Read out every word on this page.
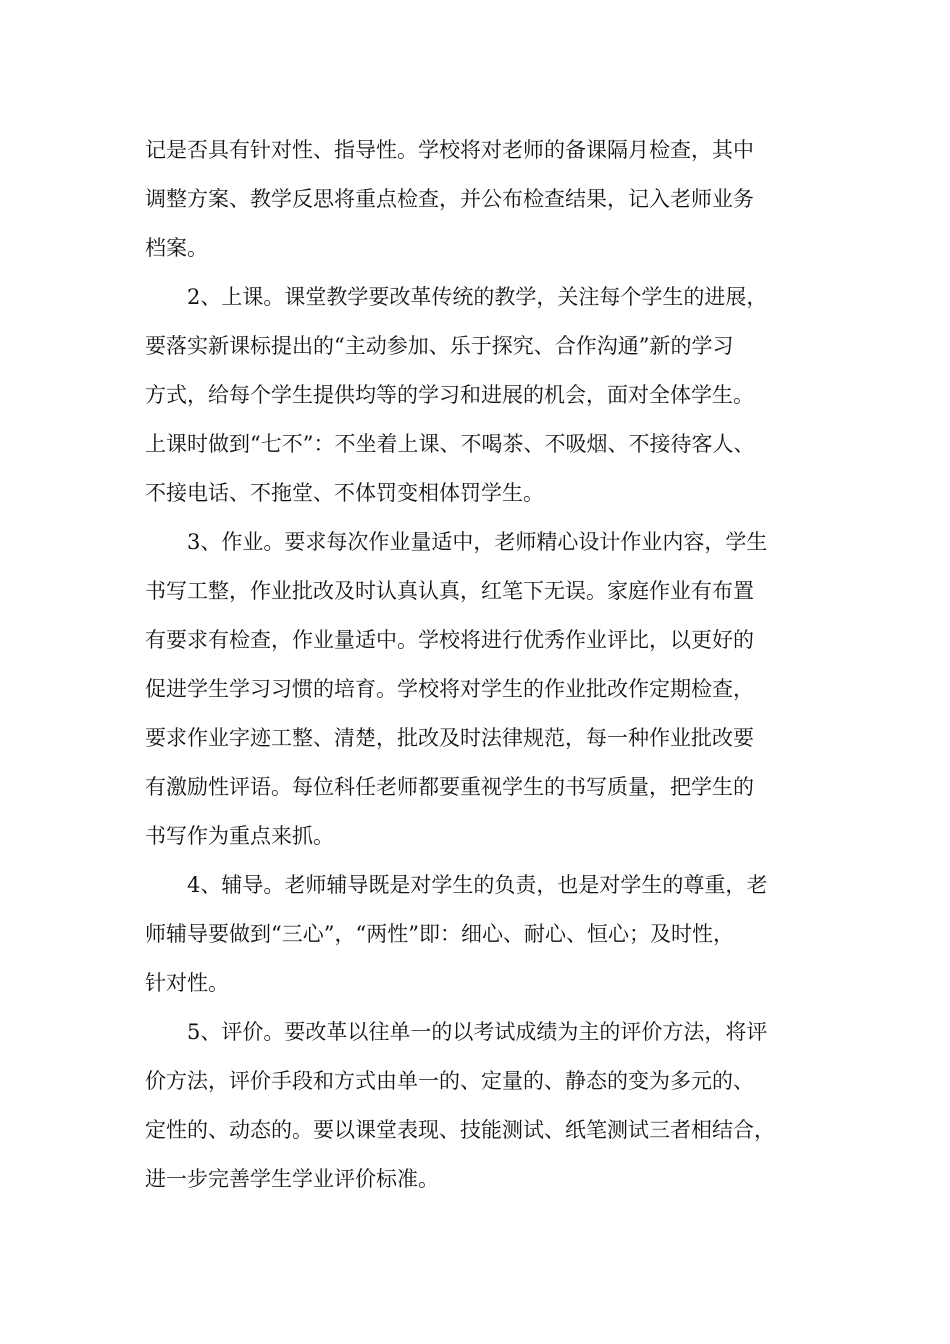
记是否具有针对性、指导性。学校将对老师的备课隔月检查，其中
调整方案、教学反思将重点检查，并公布检查结果，记入老师业务
档案。
2、上课。课堂教学要改革传统的教学，关注每个学生的进展，
要落实新课标提出的“主动参加、乐于探究、合作沟通”新的学习
方式，给每个学生提供均等的学习和进展的机会，面对全体学生。
上课时做到“七不”：不坐着上课、不喝茶、不吸烟、不接待客人、
不接电话、不拖堂、不体罚变相体罚学生。
3、作业。要求每次作业量适中，老师精心设计作业内容，学生
书写工整，作业批改及时认真认真，红笔下无误。家庭作业有布置
有要求有检查，作业量适中。学校将进行优秀作业评比，以更好的
促进学生学习习惯的培育。学校将对学生的作业批改作定期检查，
要求作业字迹工整、清楚，批改及时法律规范，每一种作业批改要
有激励性评语。每位科任老师都要重视学生的书写质量，把学生的
书写作为重点来抓。
4、辅导。老师辅导既是对学生的负责，也是对学生的尊重，老
师辅导要做到“三心”，“两性”即：细心、耐心、恒心；及时性，
针对性。
5、评价。要改革以往单一的以考试成绩为主的评价方法，将评
价方法，评价手段和方式由单一的、定量的、静态的变为多元的、
定性的、动态的。要以课堂表现、技能测试、纸笔测试三者相结合，
进一步完善学生学业评价标准。
